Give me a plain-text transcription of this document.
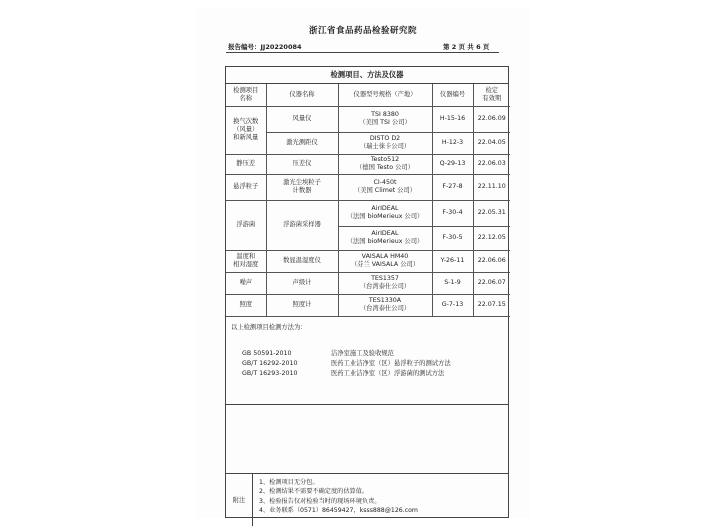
浙江省食品药品检验研究院
报告编号：JJ20220084	第 2 页 共 6 页
检测项目、方法及仪器
检测项目
名称	仪器名称	仪器型号规格（产地）	仪器编号	检定
有效期

换气次数
（风量）
和新风量	风量仪	TSI 8380
（美国 TSI 公司）	H-15-16	22.06.09

	激光测距仪	DISTO D2
（瑞士徕卡公司）	H-12-3	22.04.05

静压差	压差仪	Testo512
（德国 Testo 公司）	Q-29-13	22.06.03

悬浮粒子	激光尘埃粒子
计数器	CI-450t
（美国 Climet 公司）	F-27-8	22.11.10

浮游菌	浮游菌采样器	AirIDEAL
（法国 bioMerieux 公司）	F-30-4	22.05.31

		AirIDEAL
（法国 bioMerieux 公司）	F-30-5	22.12.05

温度和
相对湿度	数显温湿度仪	VAISALA HM40
（芬兰 VAISALA 公司）	Y-26-11	22.06.06

噪声	声级计	TES1357
（台湾泰仕公司）	S-1-9	22.06.07

照度	照度计	TES1330A
（台湾泰仕公司）	G-7-13	22.07.15
以上检测项目检测方法为：
GB 50591-2010	洁净室施工及验收规范
GB/T 16292-2010	医药工业洁净室（区）悬浮粒子的测试方法
GB/T 16293-2010	医药工业洁净室（区）浮游菌的测试方法
附注
1、检测项目无分包。
2、检测结果不需要不确定度的估算值。
3、检验报告仅对检验当时的现场环境负责。
4、业务联系（0571）86459427，ksss888@126.com
